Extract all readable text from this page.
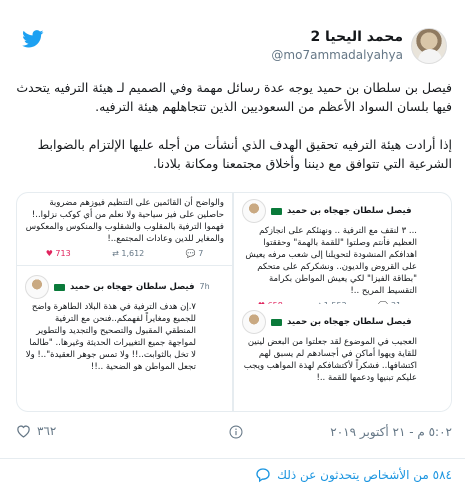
محمد اليحيا 2
@mo7ammadalyahya

فيصل بن سلطان بن حميد يوجه عدة رسائل مهمة وفي الصميم لـ هيئة الترفيه يتحدث فيها بلسان السواد الأعظم من السعوديين الذين تتجاهلهم هيئة الترفيه.

إذا أرادت هيئة الترفيه تحقيق الهدف الذي أنشأت من أجله عليها الإلتزام بالضوابط الشرعية التي تتوافق مع ديننا وأخلاق مجتمعنا ومكانة بلادنا.

فيصل سلطان جهجاه بن حميد
... ٣ لنقف مع الترفية .. ونهنئكم على انجازكم العظيم فأنتم وصلتوا "للقمة بالهمة" وحققتوا اهدافكم المنشودة لتحويلنا إلى شعب مرفه يعيش على القروض والديون.. ونشكركم على متحكم "بطاقة الفيزا" لكي يعيش المواطن بكرامة التقسيط المريح ..!
فيصل سلطان جهجاه بن حميد
العجيب في الموضوع لقد جعلتوا من البعض لينين للقاية ويهوا أماكن في أجسادهم لم يسبق لهم اكتشافها.. فشكراً لأكتشافكم لهذة المواهب ويجب عليكم تبنيها ودعمها للقمة ..!
والواضح أن القائمين على التنظيم فيوزهم مضروبة حاصلين على فيز سياحية ولا نعلم من أي كوكب نزلوا..! فهموا الترفية بالمقلوب والشقلوب والمنكوس والمعكوس والمغاير للدين وعادات المجتمع..!
💬 7
⇄ 1,612
♥ 713
فيصل سلطان جهجاه بن حميد 7h
٧.إن هدف الترفية في هذة البلاد الطاهرة واضح للجميع ومغايراً لفهمكم..فنحن مع الترفية المنطقي المقبول والتصحيح والتجديد والتطوير لمواجهة جميع التغييرات الحديثة وغيرها.. "طالما لا تخل بالثوابت..!! ولا تمس جوهر العقيدة"..! ولا تجعل المواطن هو الضحية ..!!
٣٦٢	٥:٠٢ م - ٢١ أكتوبر ٢٠١٩
٥٨٤ من الأشخاص يتحدثون عن ذلك
